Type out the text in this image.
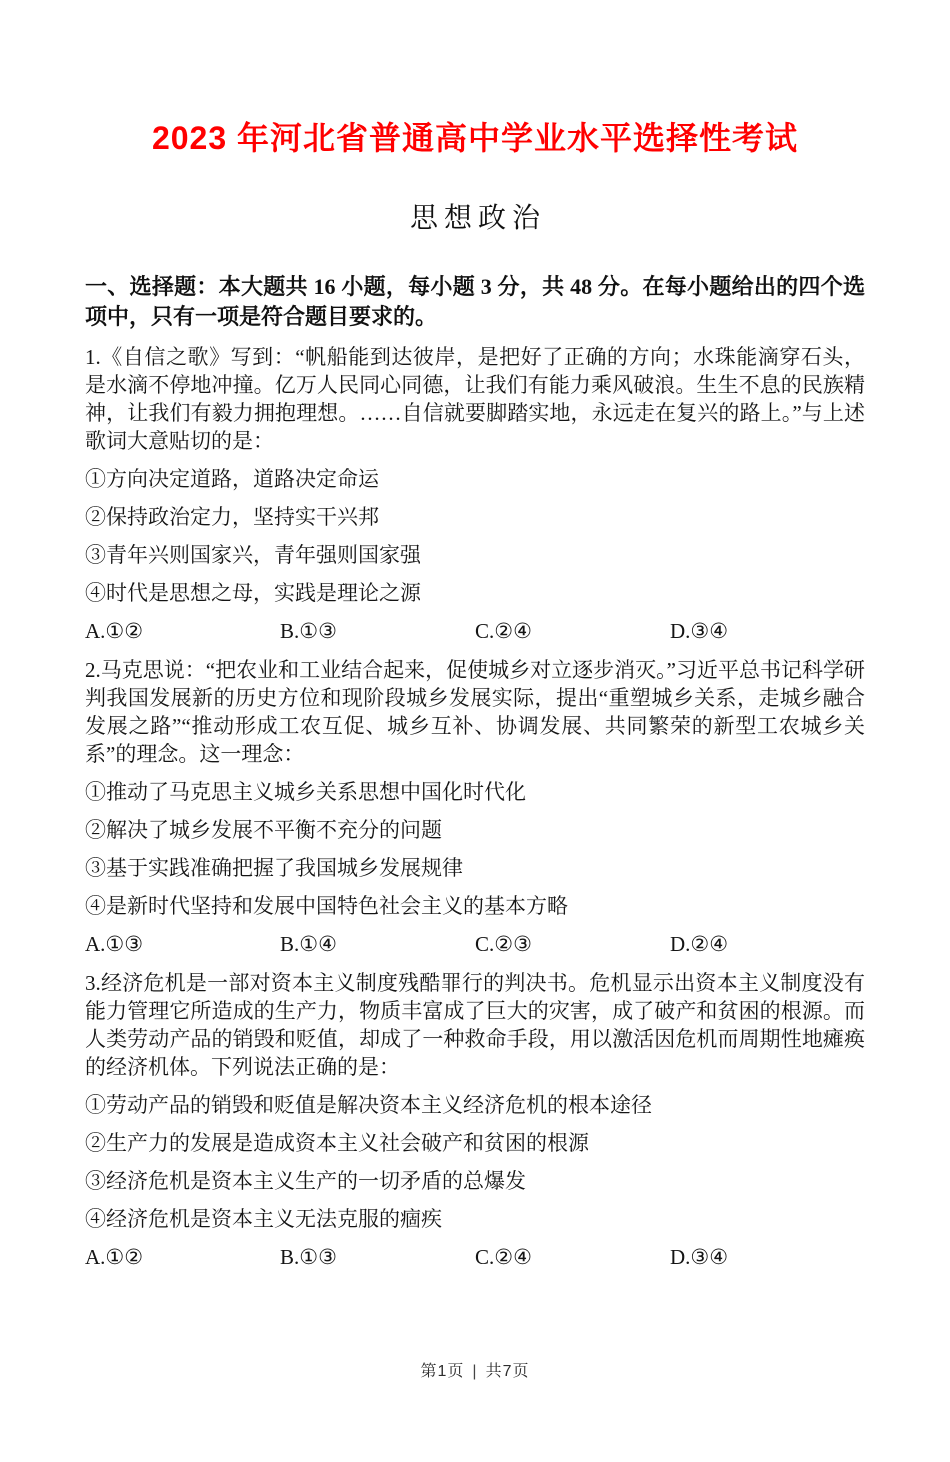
2023 年河北省普通高中学业水平选择性考试
思想政治

一、选择题：本大题共 16 小题，每小题 3 分，共 48 分。在每小题给出的四个选项中，只有一项是符合题目要求的。

1.《自信之歌》写到：“帆船能到达彼岸，是把好了正确的方向；水珠能滴穿石头，是水滴不停地冲撞。亿万人民同心同德，让我们有能力乘风破浪。生生不息的民族精神，让我们有毅力拥抱理想。……自信就要脚踏实地，永远走在复兴的路上。”与上述歌词大意贴切的是：

①方向决定道路，道路决定命运

②保持政治定力，坚持实干兴邦

③青年兴则国家兴，青年强则国家强

④时代是思想之母，实践是理论之源

A.①②	B.①③	C.②④	D.③④

2.马克思说：“把农业和工业结合起来，促使城乡对立逐步消灭。”习近平总书记科学研判我国发展新的历史方位和现阶段城乡发展实际，提出“重塑城乡关系，走城乡融合发展之路”“推动形成工农互促、城乡互补、协调发展、共同繁荣的新型工农城乡关系”的理念。这一理念：

①推动了马克思主义城乡关系思想中国化时代化

②解决了城乡发展不平衡不充分的问题

③基于实践准确把握了我国城乡发展规律

④是新时代坚持和发展中国特色社会主义的基本方略

A.①③	B.①④	C.②③	D.②④

3.经济危机是一部对资本主义制度残酷罪行的判决书。危机显示出资本主义制度没有能力管理它所造成的生产力，物质丰富成了巨大的灾害，成了破产和贫困的根源。而人类劳动产品的销毁和贬值，却成了一种救命手段，用以激活因危机而周期性地瘫痪的经济机体。下列说法正确的是：

①劳动产品的销毁和贬值是解决资本主义经济危机的根本途径

②生产力的发展是造成资本主义社会破产和贫困的根源

③经济危机是资本主义生产的一切矛盾的总爆发

④经济危机是资本主义无法克服的痼疾

A.①②	B.①③	C.②④	D.③④
第1页 | 共7页
